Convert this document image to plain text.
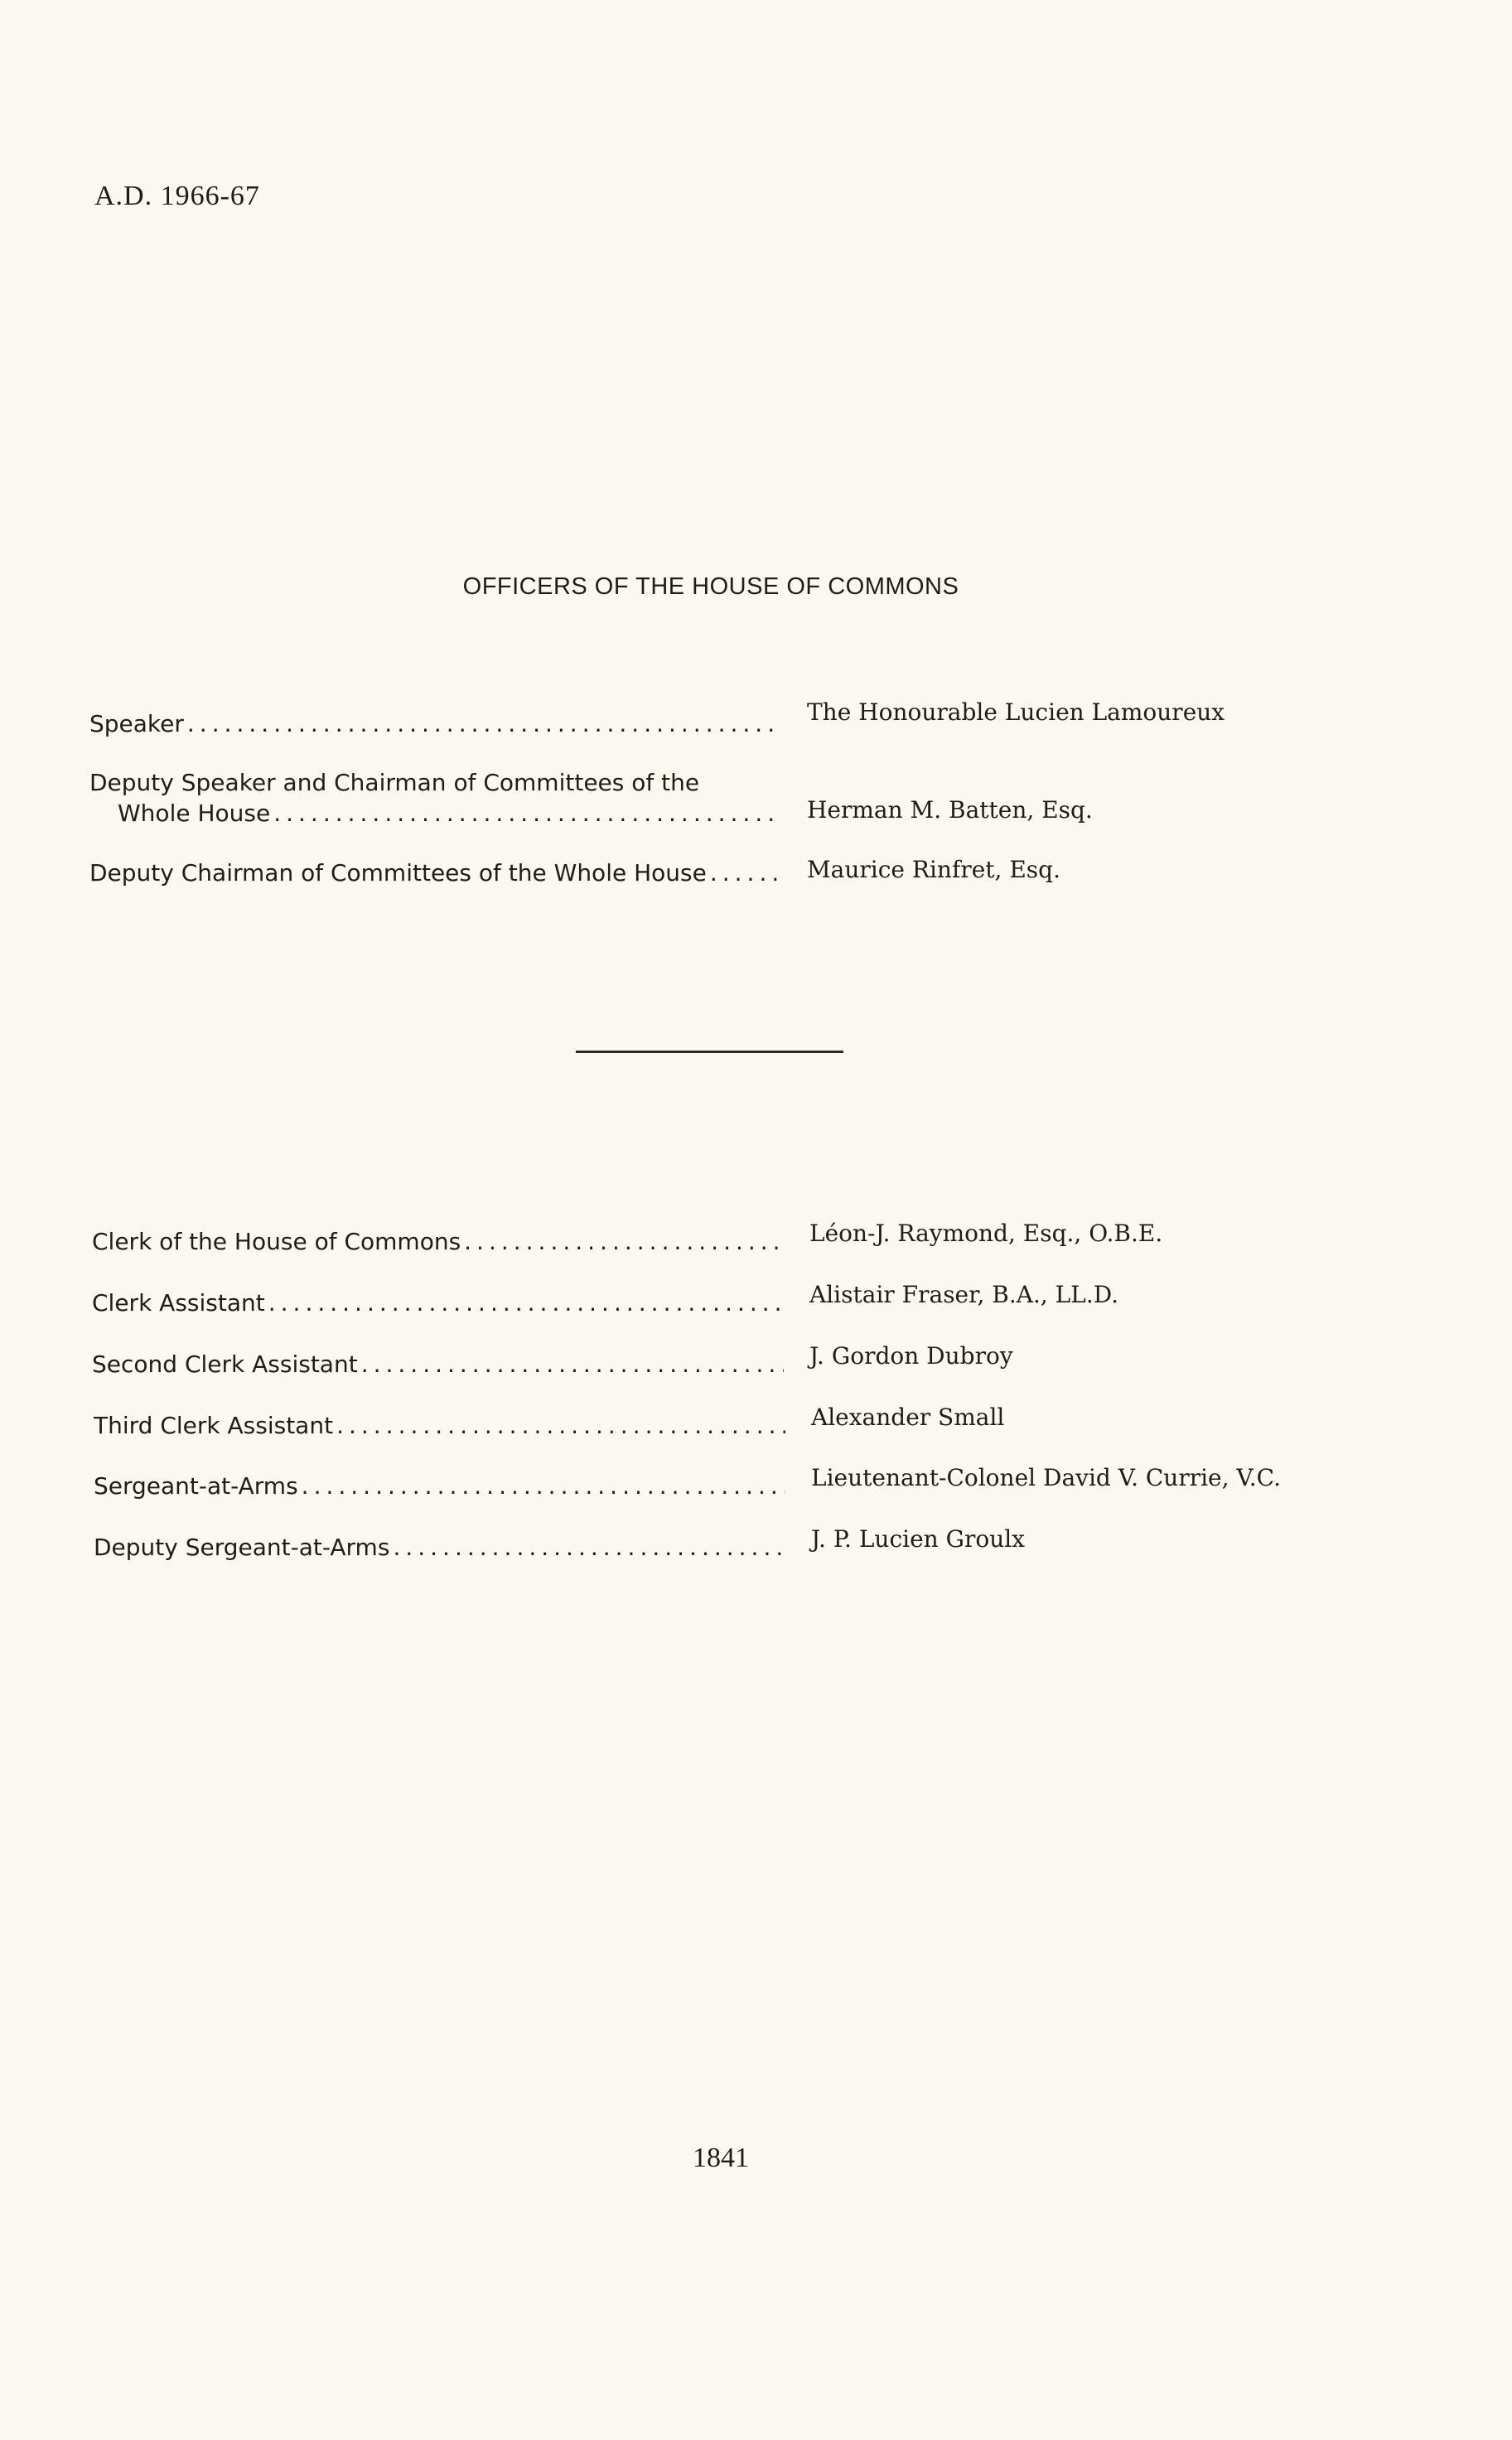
A.D. 1966-67
OFFICERS OF THE HOUSE OF COMMONS
Speaker .....	The Honourable Lucien Lamoureux
Deputy Speaker and Chairman of Committees of the
Whole House .....	Herman M. Batten, Esq.
Deputy Chairman of Committees of the Whole House .....	Maurice Rinfret, Esq.
Clerk of the House of Commons .....	Léon-J. Raymond, Esq., O.B.E.
Clerk Assistant .....	Alistair Fraser, B.A., LL.D.
Second Clerk Assistant .....	J. Gordon Dubroy
Third Clerk Assistant .....	Alexander Small
Sergeant-at-Arms .....	Lieutenant-Colonel David V. Currie, V.C.
Deputy Sergeant-at-Arms .....	J. P. Lucien Groulx
1841
